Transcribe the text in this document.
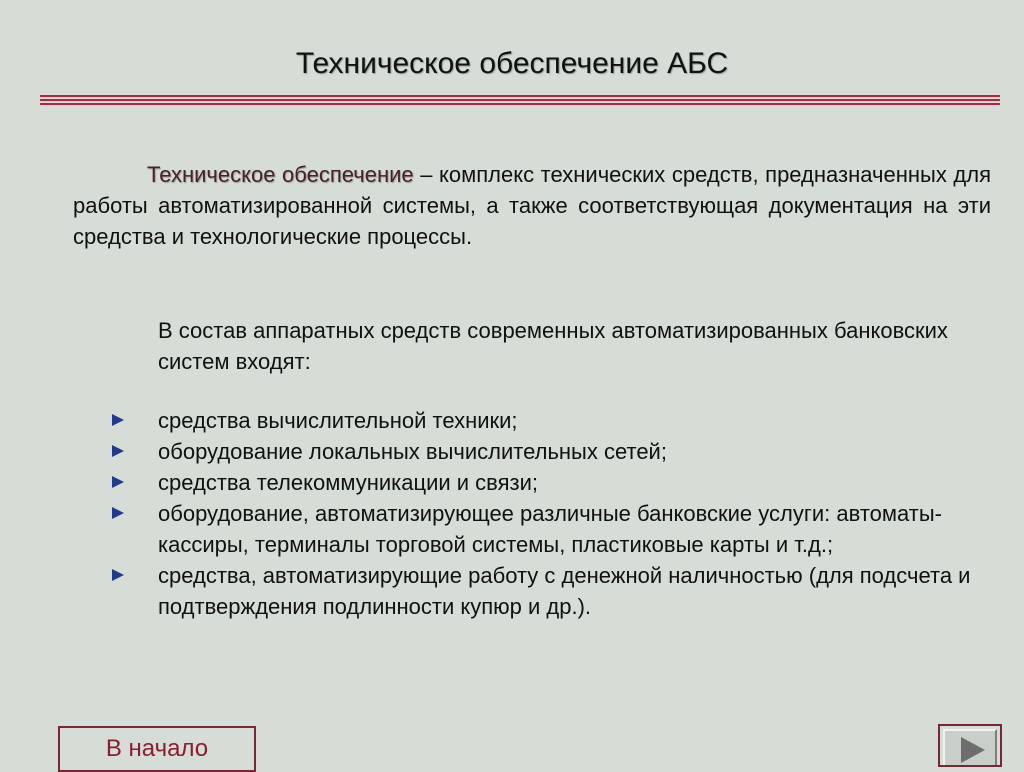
Техническое обеспечение АБС

Техническое обеспечение – комплекс технических средств, предназначенных для работы автоматизированной системы, а также соответствующая документация на эти средства и технологические процессы.

В состав аппаратных средств современных автоматизированных банковских систем входят:

средства вычислительной техники;
оборудование локальных вычислительных сетей;
средства телекоммуникации и связи;
оборудование, автоматизирующее различные банковские услуги: автоматы-кассиры, терминалы торговой системы, пластиковые карты и т.д.;
средства, автоматизирующие работу с денежной наличностью (для подсчета и подтверждения подлинности купюр и др.).
В начало
